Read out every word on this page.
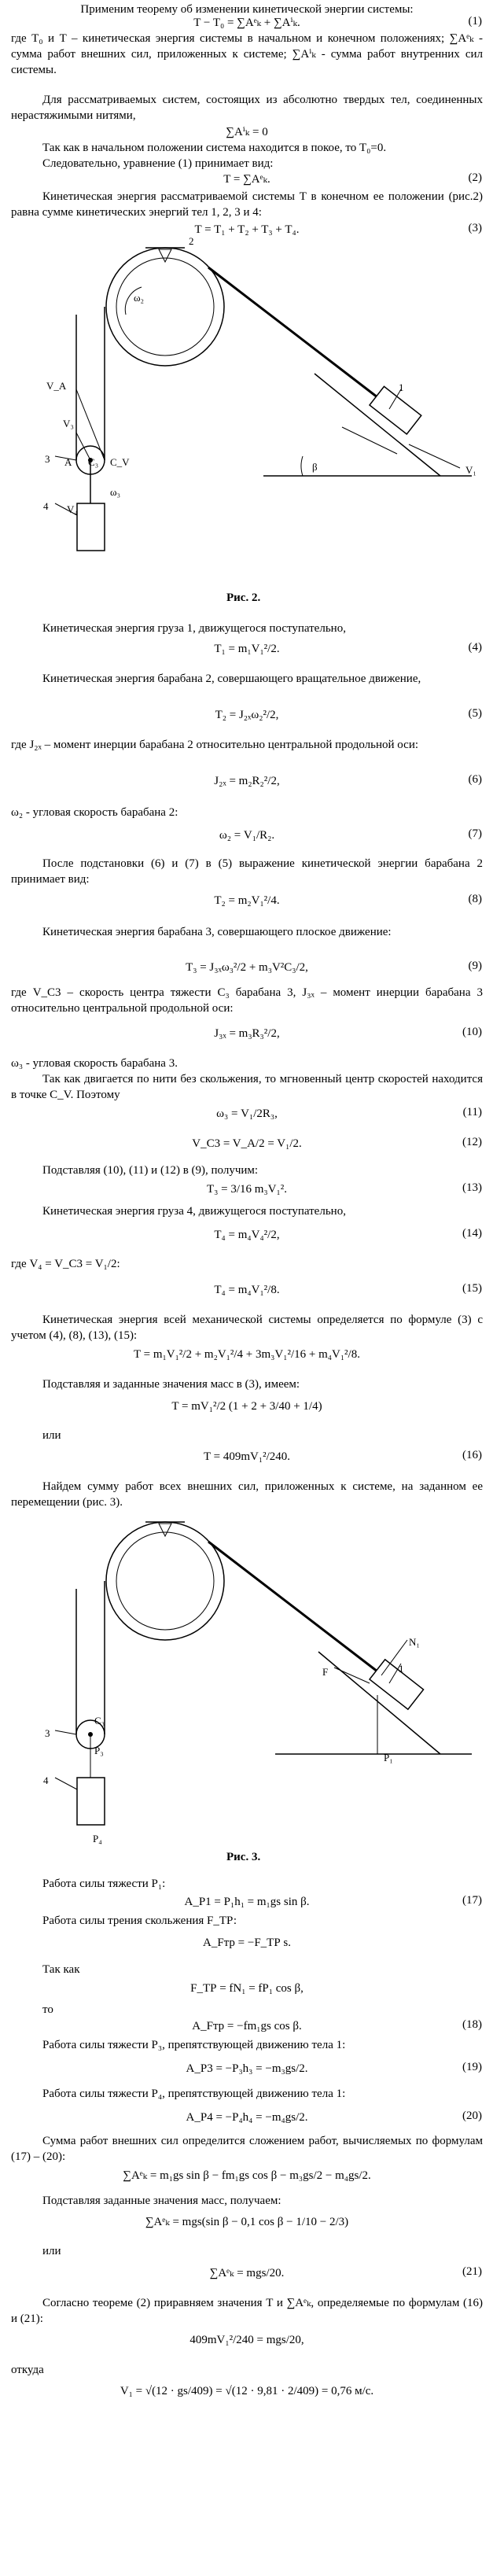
Применим теорему об изменении кинетической энергии системы:
T − T₀ = ∑Aᵉₖ + ∑Aⁱₖ.	(1)
где T₀ и T – кинетическая энергия системы в начальном и конечном положениях; ∑Aᵉₖ - сумма работ внешних сил, приложенных к системе; ∑Aⁱₖ - сумма работ внутренних сил системы.
Для рассматриваемых систем, состоящих из абсолютно твердых тел, соединенных нерастяжимыми нитями,
∑Aⁱₖ = 0
Так как в начальном положении система находится в покое, то T₀=0.
Следовательно, уравнение (1) принимает вид:
T = ∑Aᵉₖ.	(2)
Кинетическая энергия рассматриваемой системы T в конечном ее положении (рис.2) равна сумме кинетических энергий тел 1, 2, 3 и 4:
T = T₁ + T₂ + T₃ + T₄.	(3)
2
1
3
4
ω₂
V_A
V₃
A C₃ C_V
V₄
ω₃
β	V₁
Рис. 2.
Кинетическая энергия груза 1, движущегося поступательно,
T₁ = m₁V₁²/2.	(4)
Кинетическая энергия барабана 2, совершающего вращательное движение,
T₂ = J₂ₓω₂²/2,	(5)
где J₂ₓ – момент инерции барабана 2 относительно центральной продольной оси:
J₂ₓ = m₂R₂²/2,	(6)
ω₂ - угловая скорость барабана 2:
ω₂ = V₁/R₂.	(7)
После подстановки (6) и (7) в (5) выражение кинетической энергии барабана 2 принимает вид:
T₂ = m₂V₁²/4.	(8)
Кинетическая энергия барабана 3, совершающего плоское движение:
T₃ = J₃ₓω₃²/2 + m₃V²C₃/2,	(9)
где V_C3 – скорость центра тяжести C₃ барабана 3, J₃ₓ – момент инерции барабана 3 относительно центральной продольной оси:
J₃ₓ = m₃R₃²/2,	(10)
ω₃ - угловая скорость барабана 3.
Так как двигается по нити без скольжения, то мгновенный центр скоростей находится в точке C_V. Поэтому
ω₃ = V₁/2R₃,	(11)
V_C3 = V_A/2 = V₁/2.	(12)
Подставляя (10), (11) и (12) в (9), получим:
T₃ = 3/16 m₃V₁².	(13)
Кинетическая энергия груза 4, движущегося поступательно,
T₄ = m₄V₄²/2,	(14)
где V₄ = V_C3 = V₁/2:
T₄ = m₄V₁²/8.	(15)
Кинетическая энергия всей механической системы определяется по формуле (3) с учетом (4), (8), (13), (15):
T = m₁V₁²/2 + m₂V₁²/4 + 3m₃V₁²/16 + m₄V₁²/8.
Подставляя и заданные значения масс в (3), имеем:
T = mV₁²/2 (1 + 2 + 3/40 + 1/4)
или
T = 409mV₁²/240.	(16)
Найдем сумму работ всех внешних сил, приложенных к системе, на заданном ее перемещении (рис. 3).
1
3
4
C₃
P₃
P₄
N₁
F
P₁
Рис. 3.
Работа силы тяжести P₁:
A_P1 = P₁h₁ = m₁gs sin β.	(17)
Работа силы трения скольжения F_ТР:
A_Fтр = −F_ТР s.
Так как
F_ТР = fN₁ = fP₁ cos β,
то
A_Fтр = −fm₁gs cos β.	(18)
Работа силы тяжести P₃, препятствующей движению тела 1:
A_P3 = −P₃h₃ = −m₃gs/2.	(19)
Работа силы тяжести P₄, препятствующей движению тела 1:
A_P4 = −P₄h₄ = −m₄gs/2.	(20)
Сумма работ внешних сил определится сложением работ, вычисляемых по формулам (17) – (20):
∑Aᵉₖ = m₁gs sin β − fm₁gs cos β − m₃gs/2 − m₄gs/2.
Подставляя заданные значения масс, получаем:
∑Aᵉₖ = mgs(sin β − 0,1 cos β − 1/10 − 2/3)
или
∑Aᵉₖ = mgs/20.	(21)
Согласно теореме (2) приравняем значения T и ∑Aᵉₖ, определяемые по формулам (16) и (21):
409mV₁²/240 = mgs/20,
откуда
V₁ = √(12 · gs/409) = √(12 · 9,81 · 2/409) = 0,76 м/с.
